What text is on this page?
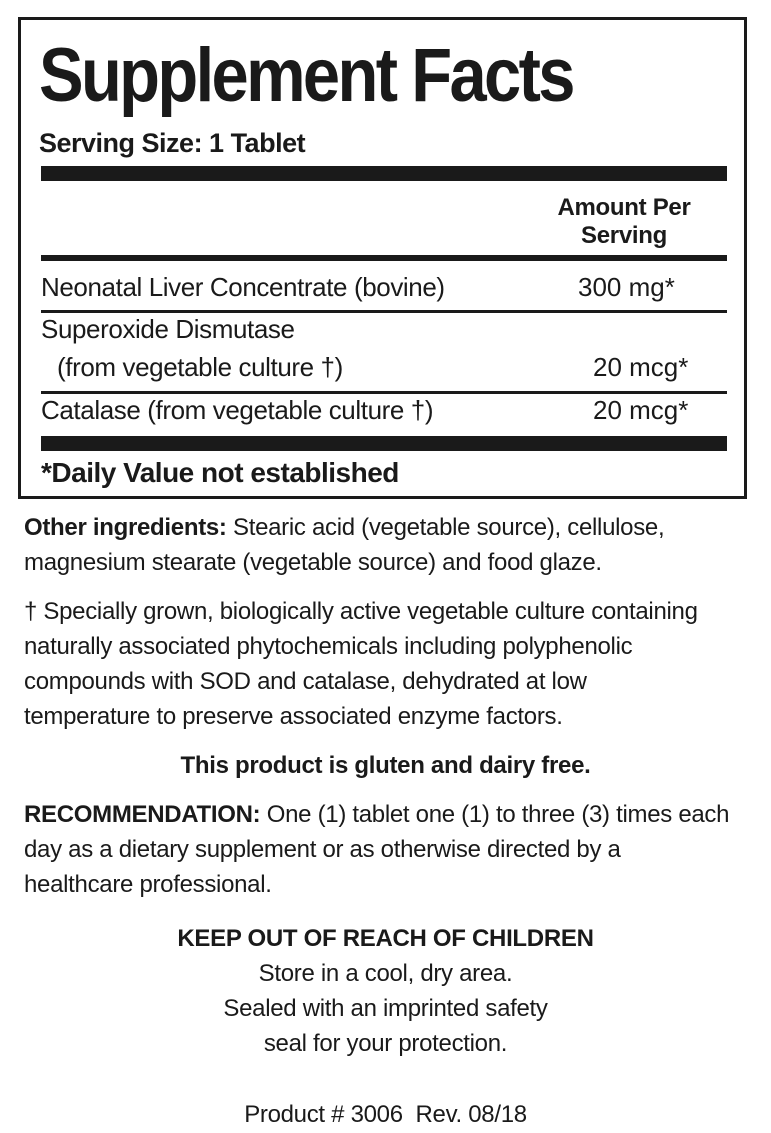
Supplement Facts
Serving Size: 1 Tablet
Amount Per
Serving
Neonatal Liver Concentrate (bovine)	300 mg*
Superoxide Dismutase
(from vegetable culture †)	20 mcg*
Catalase (from vegetable culture †)	20 mcg*
*Daily Value not established

Other ingredients: Stearic acid (vegetable source), cellulose,
magnesium stearate (vegetable source) and food glaze.

† Specially grown, biologically active vegetable culture containing
naturally associated phytochemicals including polyphenolic
compounds with SOD and catalase, dehydrated at low
temperature to preserve associated enzyme factors.

This product is gluten and dairy free.

RECOMMENDATION: One (1) tablet one (1) to three (3) times each
day as a dietary supplement or as otherwise directed by a
healthcare professional.

KEEP OUT OF REACH OF CHILDREN
Store in a cool, dry area.
Sealed with an imprinted safety
seal for your protection.
Product # 3006  Rev. 08/18
